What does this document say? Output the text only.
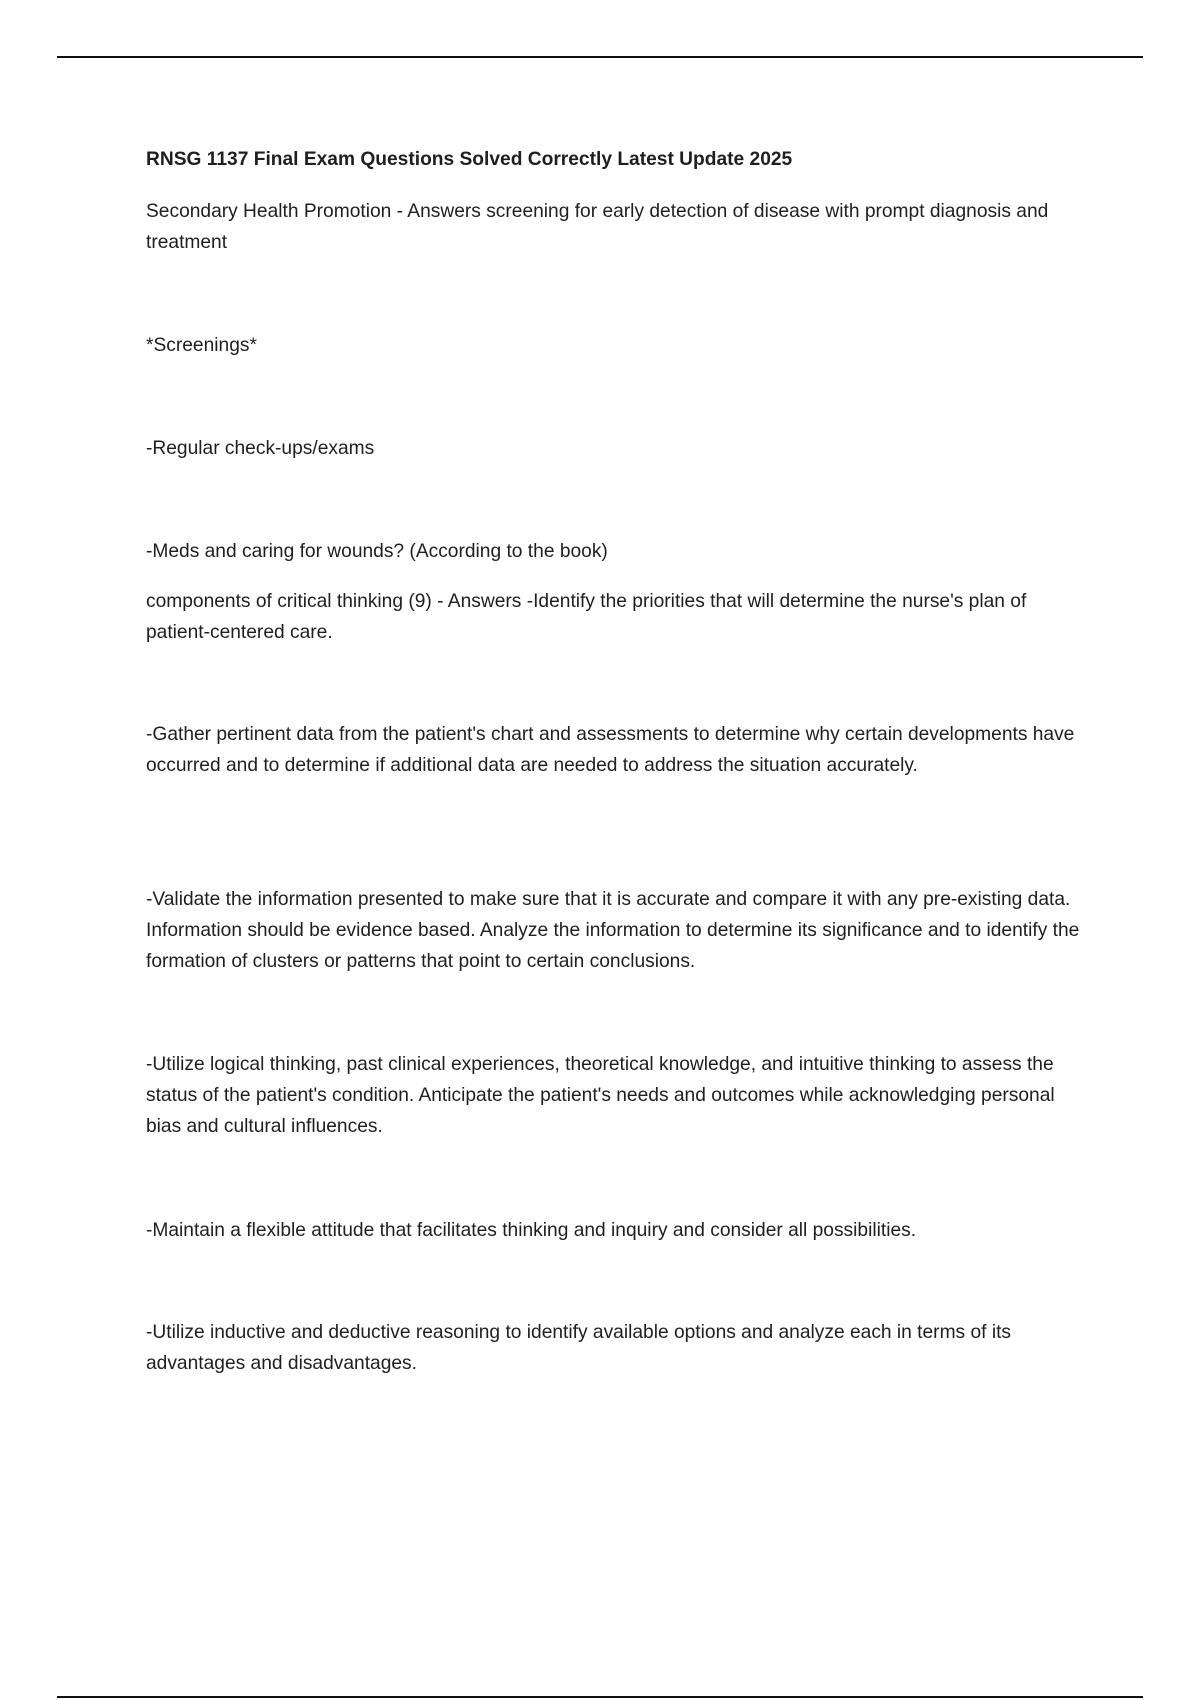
RNSG 1137 Final Exam Questions Solved Correctly Latest Update 2025

Secondary Health Promotion - Answers screening for early detection of disease with prompt diagnosis and treatment

*Screenings*

-Regular check-ups/exams

-Meds and caring for wounds? (According to the book)

components of critical thinking (9) - Answers -Identify the priorities that will determine the nurse's plan of patient-centered care.

-Gather pertinent data from the patient's chart and assessments to determine why certain developments have occurred and to determine if additional data are needed to address the situation accurately.

-Validate the information presented to make sure that it is accurate and compare it with any pre-existing data. Information should be evidence based. Analyze the information to determine its significance and to identify the formation of clusters or patterns that point to certain conclusions.

-Utilize logical thinking, past clinical experiences, theoretical knowledge, and intuitive thinking to assess the status of the patient's condition. Anticipate the patient's needs and outcomes while acknowledging personal bias and cultural influences.

-Maintain a flexible attitude that facilitates thinking and inquiry and consider all possibilities.

-Utilize inductive and deductive reasoning to identify available options and analyze each in terms of its advantages and disadvantages.
